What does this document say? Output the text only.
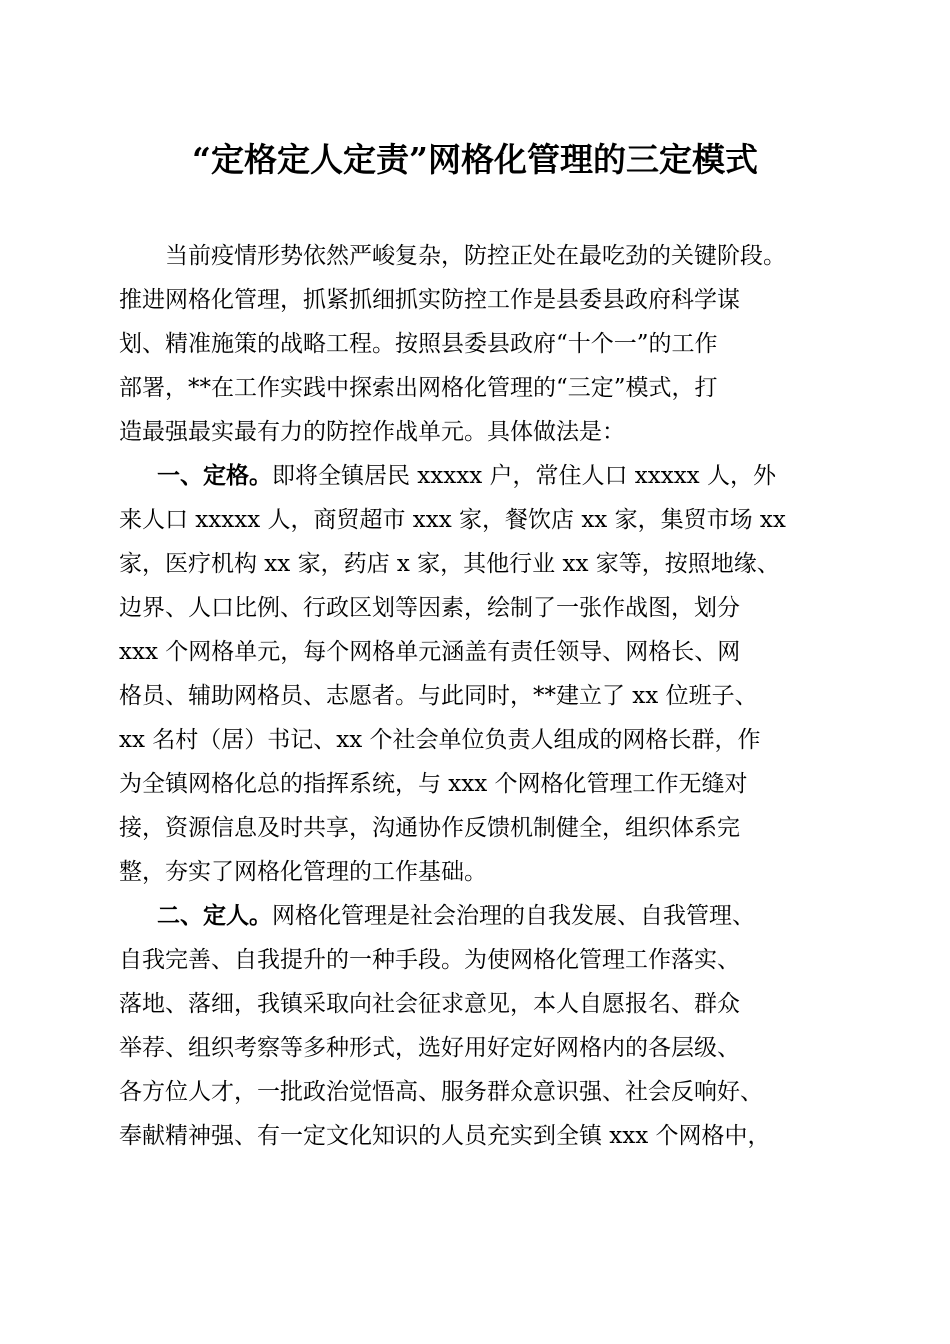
“定格定人定责”网格化管理的三定模式

当前疫情形势依然严峻复杂，防控正处在最吃劲的关键阶段。

推进网格化管理，抓紧抓细抓实防控工作是县委县政府科学谋

划、精准施策的战略工程。按照县委县政府“十个一”的工作

部署，**在工作实践中探索出网格化管理的“三定”模式，打

造最强最实最有力的防控作战单元。具体做法是：

一、定格。即将全镇居民 xxxxx 户，常住人口 xxxxx 人，外

来人口 xxxxx 人，商贸超市 xxx 家，餐饮店 xx 家，集贸市场 xx

家，医疗机构 xx 家，药店 x 家，其他行业 xx 家等，按照地缘、

边界、人口比例、行政区划等因素，绘制了一张作战图，划分

xxx 个网格单元，每个网格单元涵盖有责任领导、网格长、网

格员、辅助网格员、志愿者。与此同时，**建立了 xx 位班子、

xx 名村（居）书记、xx 个社会单位负责人组成的网格长群，作

为全镇网格化总的指挥系统，与 xxx 个网格化管理工作无缝对

接，资源信息及时共享，沟通协作反馈机制健全，组织体系完

整，夯实了网格化管理的工作基础。

二、定人。网格化管理是社会治理的自我发展、自我管理、

自我完善、自我提升的一种手段。为使网格化管理工作落实、

落地、落细，我镇采取向社会征求意见，本人自愿报名、群众

举荐、组织考察等多种形式，选好用好定好网格内的各层级、

各方位人才，一批政治觉悟高、服务群众意识强、社会反响好、

奉献精神强、有一定文化知识的人员充实到全镇 xxx 个网格中，
